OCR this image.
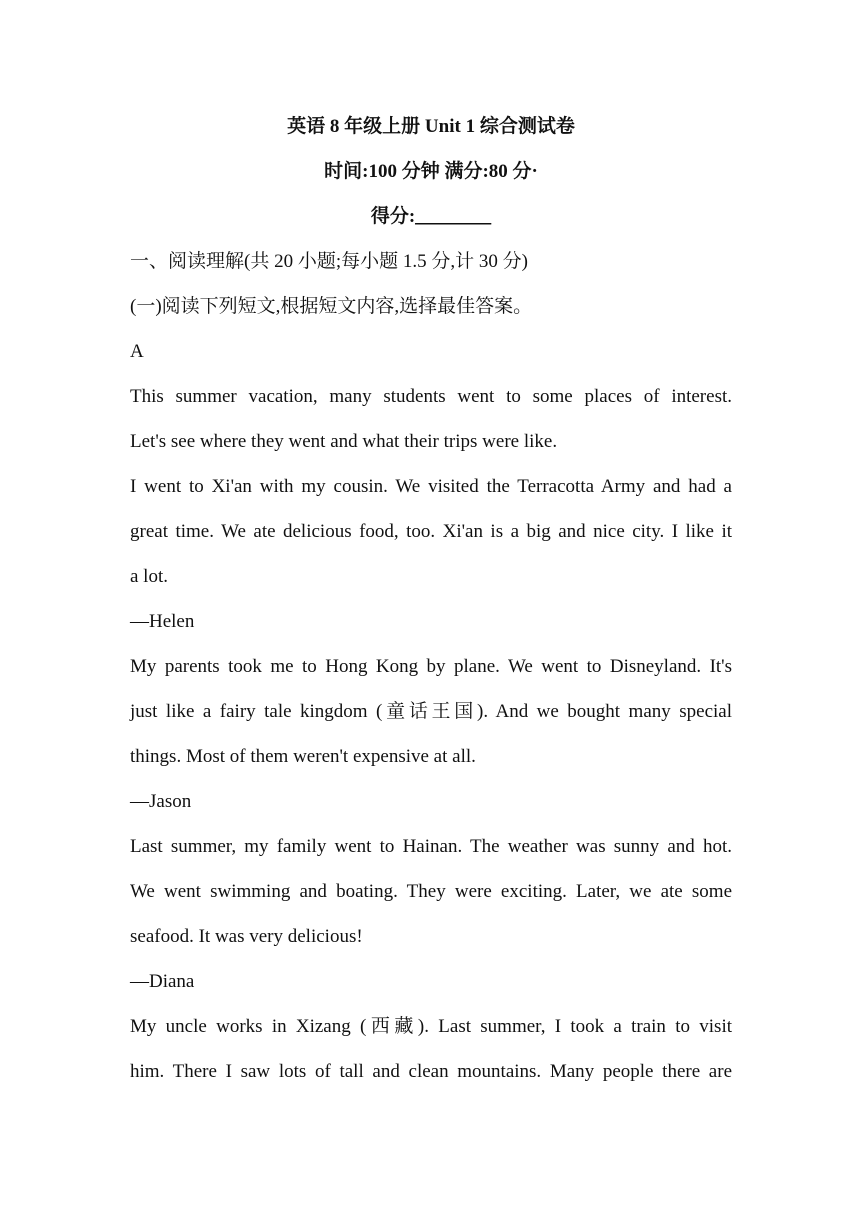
英语 8 年级上册 Unit 1 综合测试卷
时间:100 分钟 满分:80 分·
得分:________
一、阅读理解(共 20 小题;每小题 1.5 分,计 30 分)
(一)阅读下列短文,根据短文内容,选择最佳答案。
A
This summer vacation, many students went to some places of interest.
Let's see where they went and what their trips were like.
I went to Xi'an with my cousin. We visited the Terracotta Army and had a
great time. We ate delicious food, too. Xi'an is a big and nice city. I like it
a lot.
—Helen
My parents took me to Hong Kong by plane. We went to Disneyland. It's
just like a fairy tale kingdom (童话王国). And we bought many special
things. Most of them weren't expensive at all.
—Jason
Last summer, my family went to Hainan. The weather was sunny and hot.
We went swimming and boating. They were exciting. Later, we ate some
seafood. It was very delicious!
—Diana
My uncle works in Xizang (西藏). Last summer, I took a train to visit
him. There I saw lots of tall and clean mountains. Many people there are
